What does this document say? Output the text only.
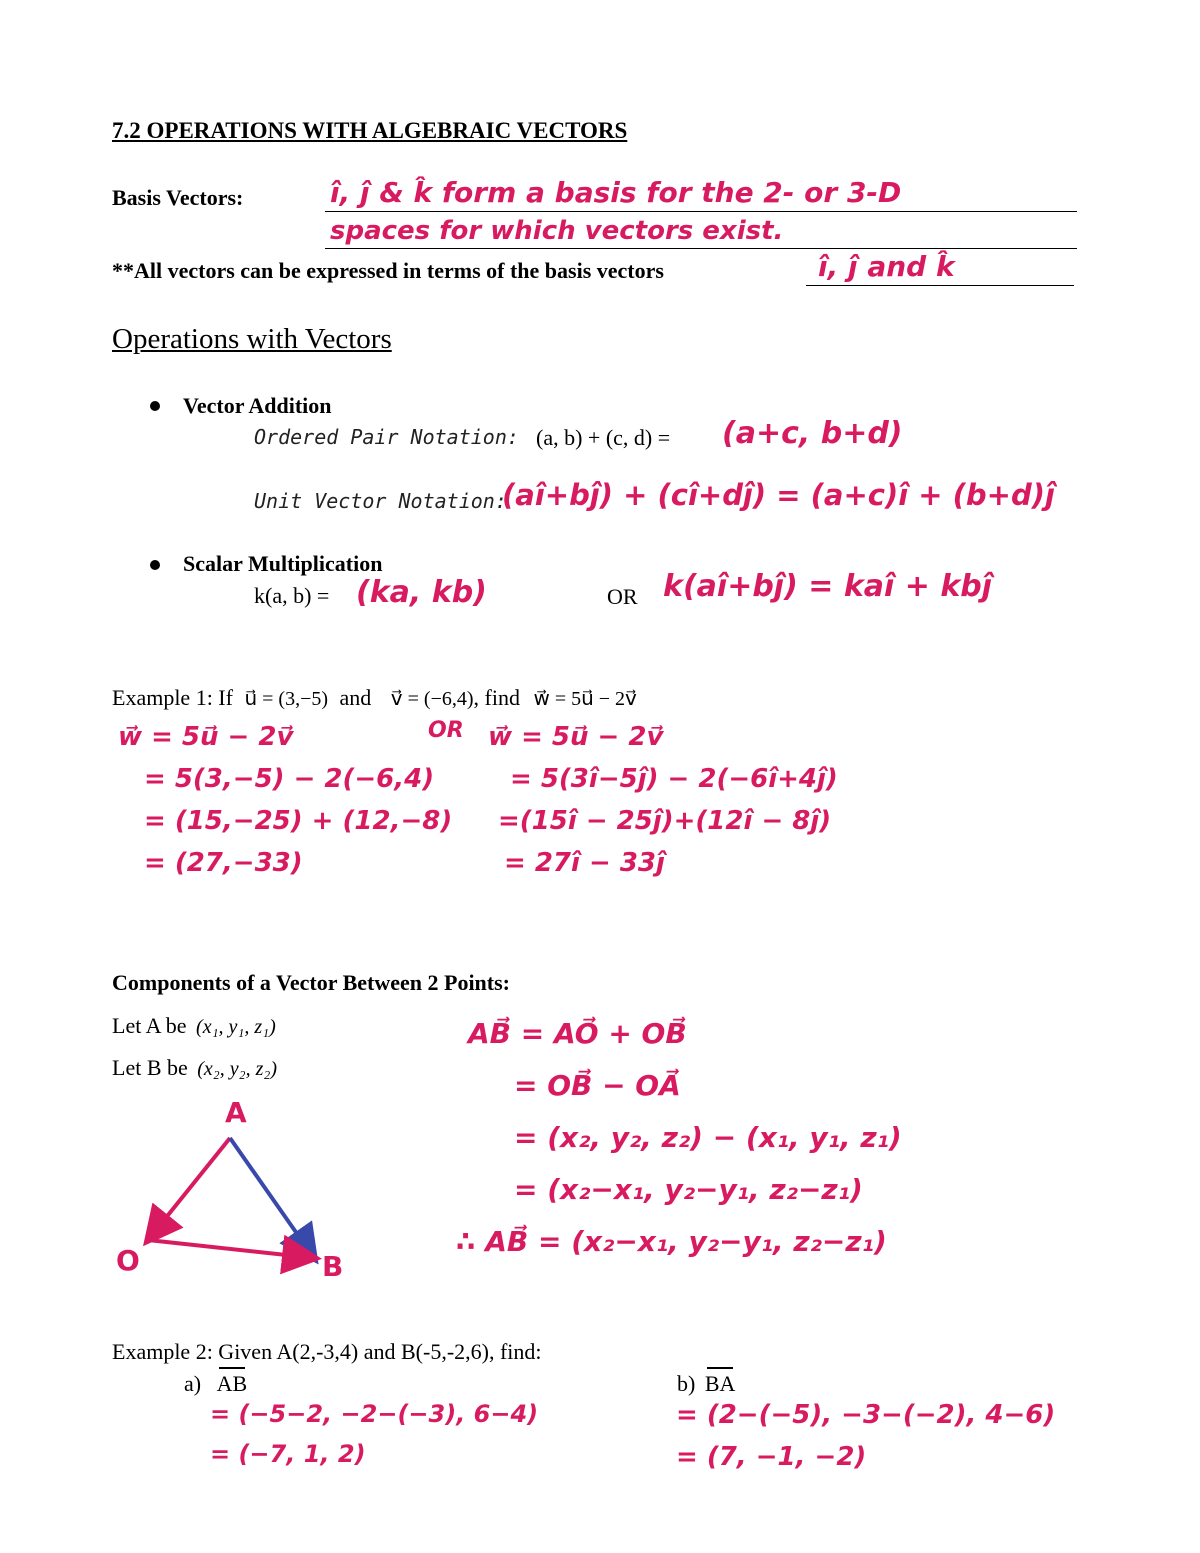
7.2 OPERATIONS WITH ALGEBRAIC VECTORS
Basis Vectors:	î, ĵ & k̂ form a basis for the 2- or 3-D
spaces for which vectors exist.
**All vectors can be expressed in terms of the basis vectors	î, ĵ and k̂
Operations with Vectors
Vector Addition
Ordered Pair Notation: (a, b) + (c, d) = (a+c, b+d)
Unit Vector Notation:
(aî+bĵ) + (cî+dĵ) = (a+c)î + (b+d)ĵ
Scalar Multiplication
k(a, b) = (ka, kb)	OR k(aî+bĵ) = kaî + kbĵ
Example 1: If u⃗ = (3,−5) and v⃗ = (−6,4), find w⃗ = 5u⃗ − 2v⃗
w⃗ = 5u⃗ − 2v⃗
= 5(3,−5) − 2(−6,4)
= (15,−25) + (12,−8)
= (27,−33)
OR w⃗ = 5u⃗ − 2v⃗
= 5(3î−5ĵ) − 2(−6î+4ĵ)
=(15î − 25ĵ)+(12î − 8ĵ)
= 27î − 33ĵ
Components of a Vector Between 2 Points:
Let A be (x₁, y₁, z₁)
Let B be (x₂, y₂, z₂)
A
O	B
AB⃗ = AO⃗ + OB⃗
= OB⃗ − OA⃗
= (x₂, y₂, z₂) − (x₁, y₁, z₁)
= (x₂−x₁, y₂−y₁, z₂−z₁)
∴ AB⃗ = (x₂−x₁, y₂−y₁, z₂−z₁)
Example 2: Given A(2,-3,4) and B(-5,-2,6), find:
a) AB
= (−5−2, −2−(−3), 6−4)
= (−7, 1, 2)
b) BA
= (2−(−5), −3−(−2), 4−6)
= (7, −1, −2)
